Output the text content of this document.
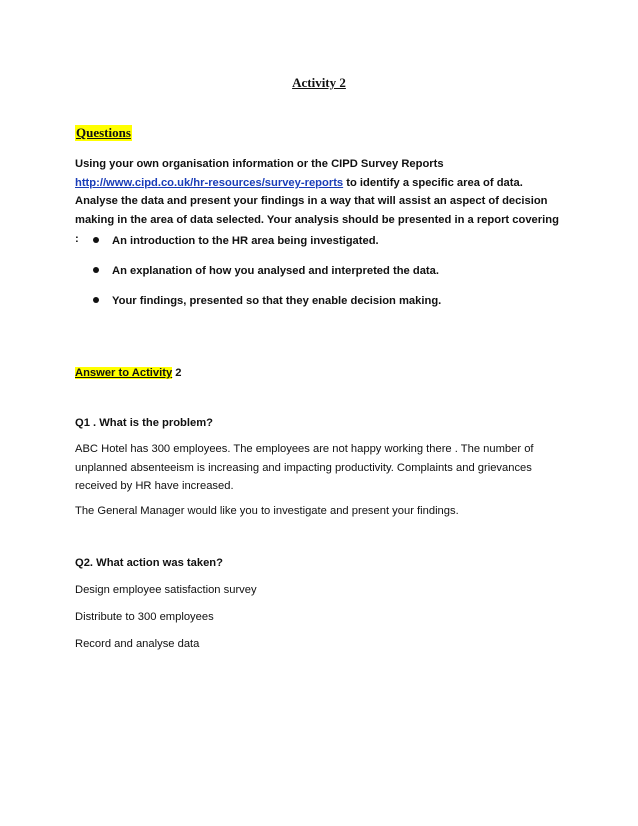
Activity 2
Questions
Using your own organisation information or the CIPD Survey Reports http://www.cipd.co.uk/hr-resources/survey-reports to identify a specific area of data. Analyse the data and present your findings in a way that will assist an aspect of decision making in the area of data selected. Your analysis should be presented in a report covering :	An introduction to the HR area being investigated.
An explanation of how you analysed and interpreted the data.
Your findings, presented so that they enable decision making.
Answer to Activity 2
Q1 . What is the problem?
ABC Hotel has 300 employees. The employees are not happy working there . The number of unplanned absenteeism is increasing and impacting productivity. Complaints and grievances received by HR have increased.
The General Manager would like you to investigate and present your findings.
Q2. What action was taken?
Design employee satisfaction survey
Distribute to 300 employees
Record and analyse data
